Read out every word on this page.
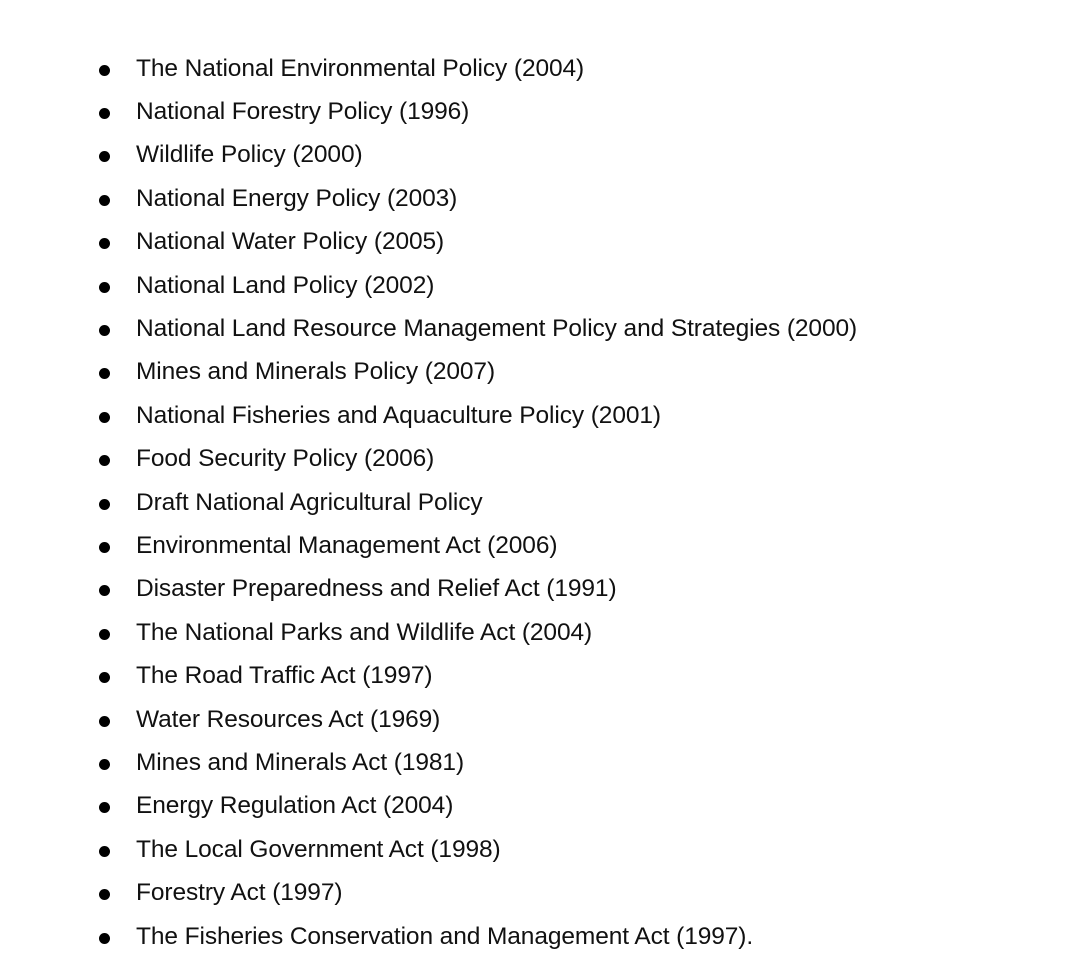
The National Environmental Policy (2004)
National Forestry Policy (1996)
Wildlife Policy (2000)
National Energy Policy (2003)
National Water Policy (2005)
National Land Policy (2002)
National Land Resource Management Policy and Strategies (2000)
Mines and Minerals Policy (2007)
National Fisheries and Aquaculture Policy (2001)
Food Security Policy (2006)
Draft National Agricultural Policy
Environmental Management Act (2006)
Disaster Preparedness and Relief Act (1991)
The National Parks and Wildlife Act (2004)
The Road Traffic Act (1997)
Water Resources Act (1969)
Mines and Minerals Act (1981)
Energy Regulation Act (2004)
The Local Government Act (1998)
Forestry Act (1997)
The Fisheries Conservation and Management Act (1997).
